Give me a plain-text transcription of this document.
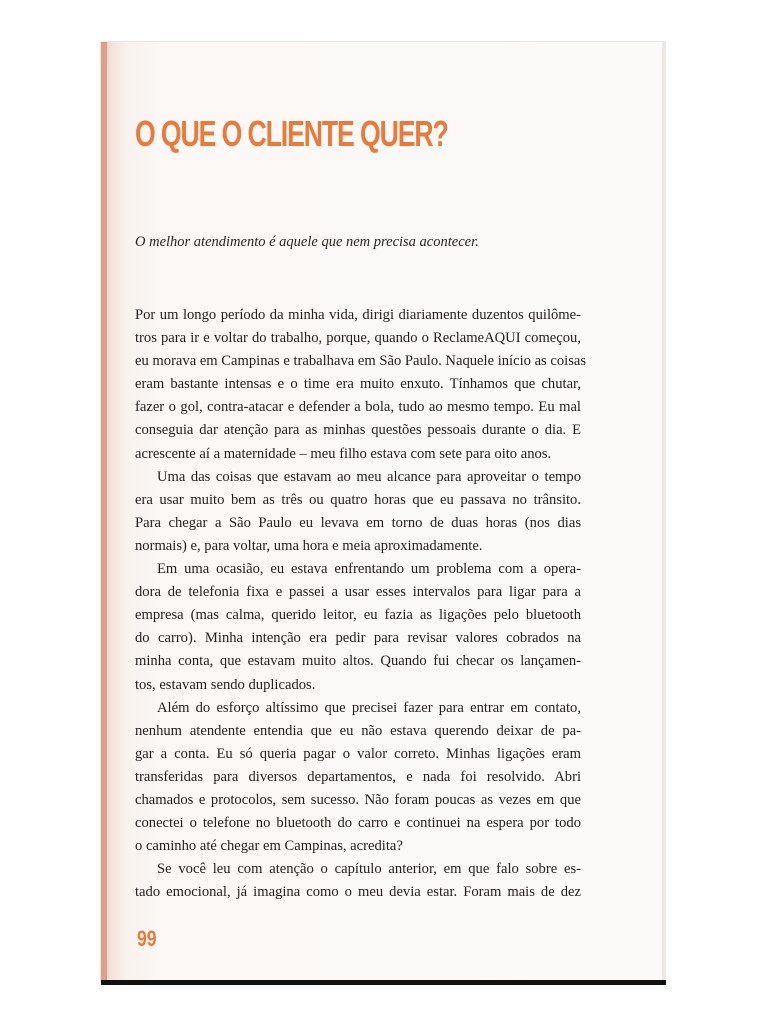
O QUE O CLIENTE QUER?

O melhor atendimento é aquele que nem precisa acontecer.

Por um longo período da minha vida, dirigi diariamente duzentos quilôme-
tros para ir e voltar do trabalho, porque, quando o ReclameAQUI começou,
eu morava em Campinas e trabalhava em São Paulo. Naquele início as coisas
eram bastante intensas e o time era muito enxuto. Tínhamos que chutar,
fazer o gol, contra-atacar e defender a bola, tudo ao mesmo tempo. Eu mal
conseguia dar atenção para as minhas questões pessoais durante o dia. E
acrescente aí a maternidade – meu filho estava com sete para oito anos.
Uma das coisas que estavam ao meu alcance para aproveitar o tempo
era usar muito bem as três ou quatro horas que eu passava no trânsito.
Para chegar a São Paulo eu levava em torno de duas horas (nos dias
normais) e, para voltar, uma hora e meia aproximadamente.
Em uma ocasião, eu estava enfrentando um problema com a opera-
dora de telefonia fixa e passei a usar esses intervalos para ligar para a
empresa (mas calma, querido leitor, eu fazia as ligações pelo bluetooth
do carro). Minha intenção era pedir para revisar valores cobrados na
minha conta, que estavam muito altos. Quando fui checar os lançamen-
tos, estavam sendo duplicados.
Além do esforço altíssimo que precisei fazer para entrar em contato,
nenhum atendente entendia que eu não estava querendo deixar de pa-
gar a conta. Eu só queria pagar o valor correto. Minhas ligações eram
transferidas para diversos departamentos, e nada foi resolvido. Abri
chamados e protocolos, sem sucesso. Não foram poucas as vezes em que
conectei o telefone no bluetooth do carro e continuei na espera por todo
o caminho até chegar em Campinas, acredita?
Se você leu com atenção o capítulo anterior, em que falo sobre es-
tado emocional, já imagina como o meu devia estar. Foram mais de dez

99
